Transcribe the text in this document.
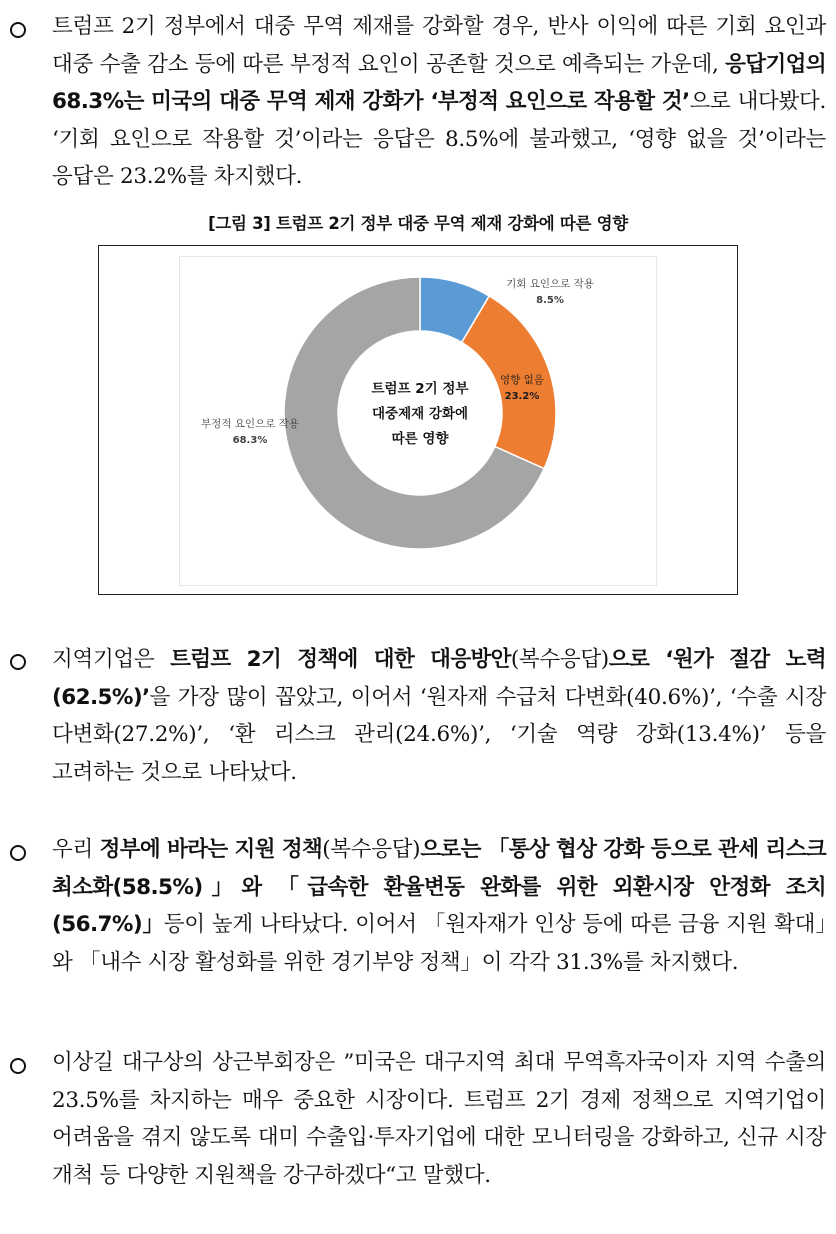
트럼프 2기 정부에서 대중 무역 제재를 강화할 경우, 반사 이익에 따른 기회 요인과 대중 수출 감소 등에 따른 부정적 요인이 공존할 것으로 예측되는 가운데, 응답기업의 68.3%는 미국의 대중 무역 제재 강화가 ‘부정적 요인으로 작용할 것’으로 내다봤다. ‘기회 요인으로 작용할 것’이라는 응답은 8.5%에 불과했고, ‘영향 없을 것’이라는 응답은 23.2%를 차지했다.
[그림 3] 트럼프 2기 정부 대중 무역 제재 강화에 따른 영향
기회 요인으로 작용
8.5%
영향 없음
23.2%
부정적 요인으로 작용
68.3%
트럼프 2기 정부
대중제재 강화에
따른 영향
지역기업은 트럼프 2기 정책에 대한 대응방안(복수응답)으로 ‘원가 절감 노력(62.5%)’을 가장 많이 꼽았고, 이어서 ‘원자재 수급처 다변화(40.6%)’, ‘수출 시장 다변화(27.2%)’, ‘환 리스크 관리(24.6%)’, ‘기술 역량 강화(13.4%)’ 등을 고려하는 것으로 나타났다.
우리 정부에 바라는 지원 정책(복수응답)으로는 「통상 협상 강화 등으로 관세 리스크 최소화(58.5%)」와 「급속한 환율변동 완화를 위한 외환시장 안정화 조치(56.7%)」등이 높게 나타났다. 이어서 「원자재가 인상 등에 따른 금융 지원 확대」와 「내수 시장 활성화를 위한 경기부양 정책」이 각각 31.3%를 차지했다.
이상길 대구상의 상근부회장은 ”미국은 대구지역 최대 무역흑자국이자 지역 수출의 23.5%를 차지하는 매우 중요한 시장이다. 트럼프 2기 경제 정책으로 지역기업이 어려움을 겪지 않도록 대미 수출입·투자기업에 대한 모니터링을 강화하고, 신규 시장 개척 등 다양한 지원책을 강구하겠다“고 말했다.
